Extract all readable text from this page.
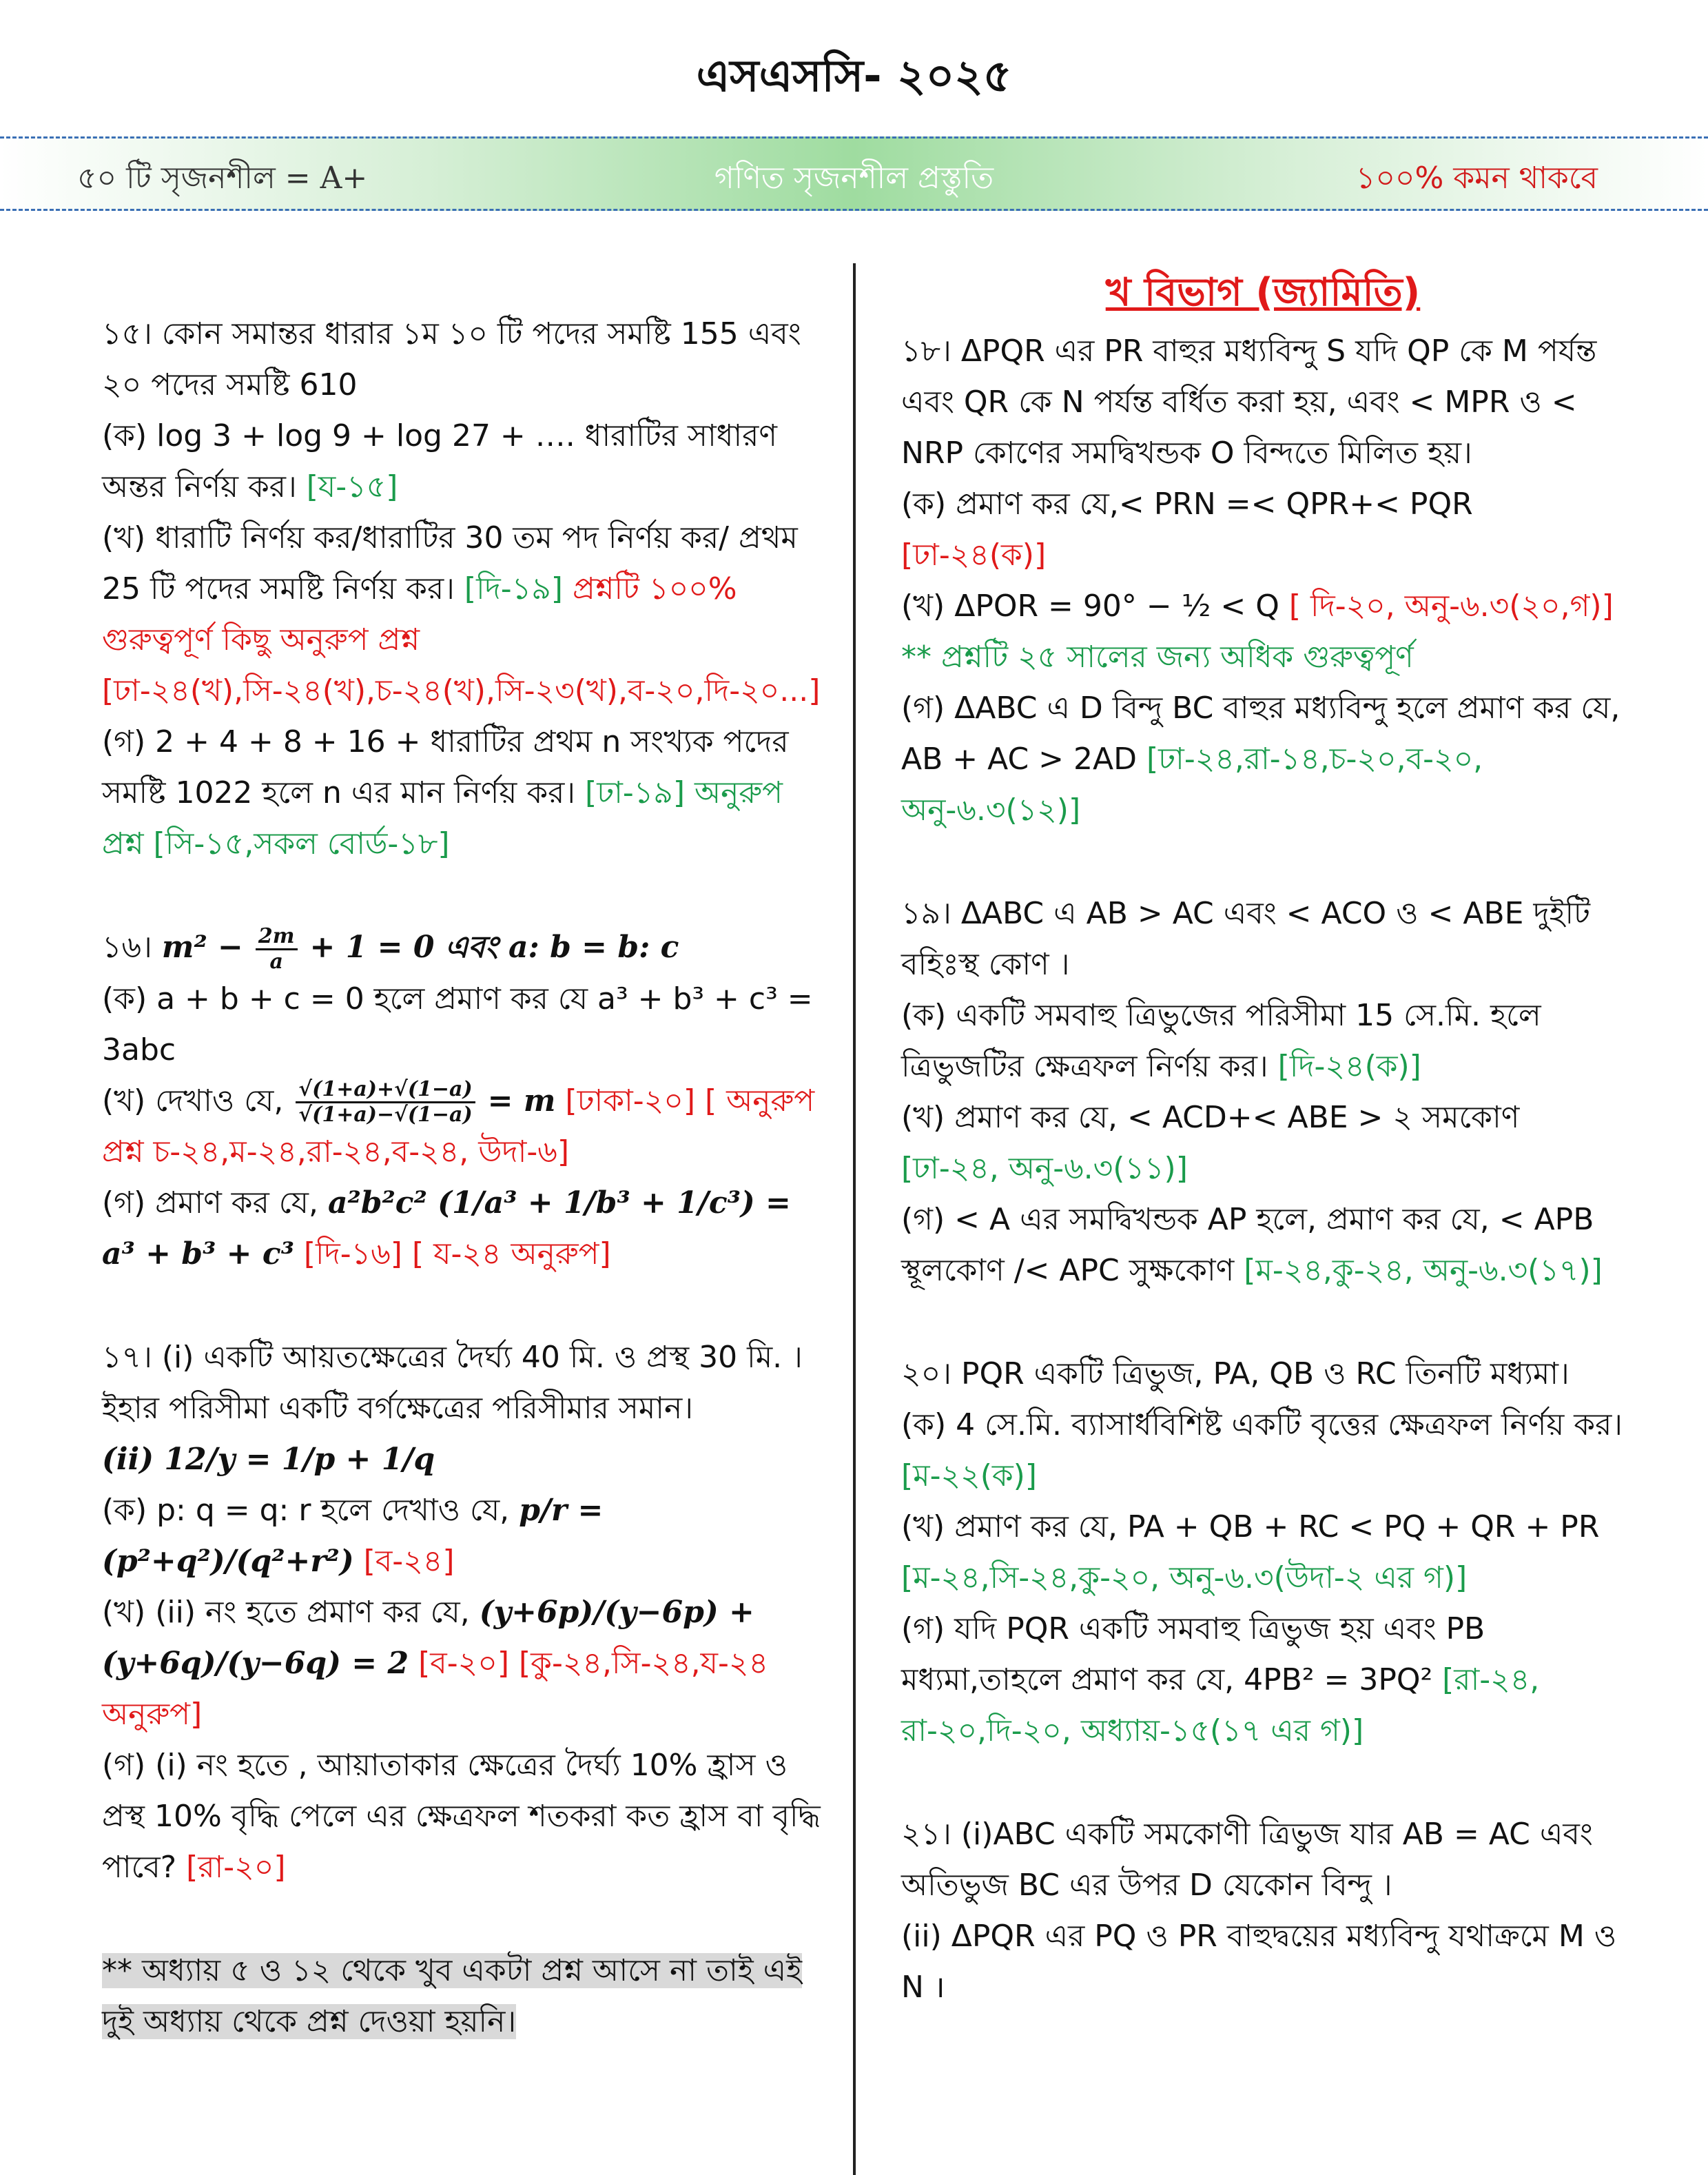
এসএসসি- ২০২৫
৫০ টি সৃজনশীল = A+	গণিত সৃজনশীল প্রস্তুতি	১০০% কমন থাকবে

১৫। কোন সমান্তর ধারার ১ম ১০ টি পদের সমষ্টি 155 এবং ২০ পদের সমষ্টি 610

(ক) log 3 + log 9 + log 27 + …. ধারাটির সাধারণ অন্তর নির্ণয় কর। [য-১৫]

(খ) ধারাটি নির্ণয় কর/ধারাটির 30 তম পদ নির্ণয় কর/ প্রথম 25 টি পদের সমষ্টি নির্ণয় কর। [দি-১৯] প্রশ্নটি ১০০% গুরুত্বপূর্ণ কিছু অনুরুপ প্রশ্ন [ঢা-২৪(খ),সি-২৪(খ),চ-২৪(খ),সি-২৩(খ),ব-২০,দি-২০...]

(গ) 2 + 4 + 8 + 16 + ধারাটির প্রথম n সংখ্যক পদের সমষ্টি 1022 হলে n এর মান নির্ণয় কর। [ঢা-১৯] অনুরুপ প্রশ্ন [সি-১৫,সকল বোর্ড-১৮]

১৬। $m^2 - \frac{2m}{a} + 1 = 0$ এবং a: b = b: c

(ক) a + b + c = 0 হলে প্রমাণ কর যে a³ + b³ + c³ = 3abc

(খ) দেখাও যে, $\frac{√(1+a)+√(1-a)}{√(1+a)-√(1-a)} = m$ [ঢাকা-২০] [ অনুরুপ প্রশ্ন চ-২৪,ম-২৪,রা-২৪,ব-২৪, উদা-৬]

(গ) প্রমাণ কর যে, a²b²c² (1/a³ + 1/b³ + 1/c³) = a³ + b³ + c³ [দি-১৬] [ য-২৪ অনুরুপ]

১৭। (i) একটি আয়তক্ষেত্রের দৈর্ঘ্য 40 মি. ও প্রস্থ 30 মি. । ইহার পরিসীমা একটি বর্গক্ষেত্রের পরিসীমার সমান।

(ii) 12/y = 1/p + 1/q

(ক) p: q = q: r হলে দেখাও যে, p/r = (p²+q²)/(q²+r²) [ব-২৪]

(খ) (ii) নং হতে প্রমাণ কর যে, (y+6p)/(y−6p) + (y+6q)/(y−6q) = 2 [ব-২০] [কু-২৪,সি-২৪,য-২৪ অনুরুপ]

(গ) (i) নং হতে , আয়াতাকার ক্ষেত্রের দৈর্ঘ্য 10% হ্রাস ও প্রস্থ 10% বৃদ্ধি পেলে এর ক্ষেত্রফল শতকরা কত হ্রাস বা বৃদ্ধি পাবে? [রা-২০]

** অধ্যায় ৫ ও ১২ থেকে খুব একটা প্রশ্ন আসে না তাই এই দুই অধ্যায় থেকে প্রশ্ন দেওয়া হয়নি।

খ বিভাগ (জ্যামিতি)

১৮। ΔPQR এর PR বাহুর মধ্যবিন্দু S যদি QP কে M পর্যন্ত এবং QR কে N পর্যন্ত বর্ধিত করা হয়, এবং < MPR ও < NRP কোণের সমদ্বিখন্ডক O বিন্দতে মিলিত হয়।

(ক) প্রমাণ কর যে,< PRN =< QPR+< PQR [ঢা-২৪(ক)]

(খ) ΔPOR = 90° − ½ < Q [ দি-২০, অনু-৬.৩(২০,গ)] ** প্রশ্নটি ২৫ সালের জন্য অধিক গুরুত্বপূর্ণ

(গ) ΔABC এ D বিন্দু BC বাহুর মধ্যবিন্দু হলে প্রমাণ কর যে, AB + AC > 2AD [ঢা-২৪,রা-১৪,চ-২০,ব-২০, অনু-৬.৩(১২)]

১৯। ΔABC এ AB > AC এবং < ACO ও < ABE দুইটি বহিঃস্থ কোণ ।

(ক) একটি সমবাহু ত্রিভুজের পরিসীমা 15 সে.মি. হলে ত্রিভুজটির ক্ষেত্রফল নির্ণয় কর। [দি-২৪(ক)]

(খ) প্রমাণ কর যে, < ACD+< ABE > ২ সমকোণ [ঢা-২৪, অনু-৬.৩(১১)]

(গ) < A এর সমদ্বিখন্ডক AP হলে, প্রমাণ কর যে, < APB স্থূলকোণ /< APC সুক্ষকোণ [ম-২৪,কু-২৪, অনু-৬.৩(১৭)]

২০। PQR একটি ত্রিভুজ, PA, QB ও RC তিনটি মধ্যমা।

(ক) 4 সে.মি. ব্যাসার্ধবিশিষ্ট একটি বৃত্তের ক্ষেত্রফল নির্ণয় কর। [ম-২২(ক)]

(খ) প্রমাণ কর যে, PA + QB + RC < PQ + QR + PR [ম-২৪,সি-২৪,কু-২০, অনু-৬.৩(উদা-২ এর গ)]

(গ) যদি PQR একটি সমবাহু ত্রিভুজ হয় এবং PB মধ্যমা,তাহলে প্রমাণ কর যে, 4PB² = 3PQ² [রা-২৪, রা-২০,দি-২০, অধ্যায়-১৫(১৭ এর গ)]

২১। (i)ABC একটি সমকোণী ত্রিভুজ যার AB = AC এবং অতিভুজ BC এর উপর D যেকোন বিন্দু ।

(ii) ΔPQR এর PQ ও PR বাহুদ্বয়ের মধ্যবিন্দু যথাক্রমে M ও N ।
